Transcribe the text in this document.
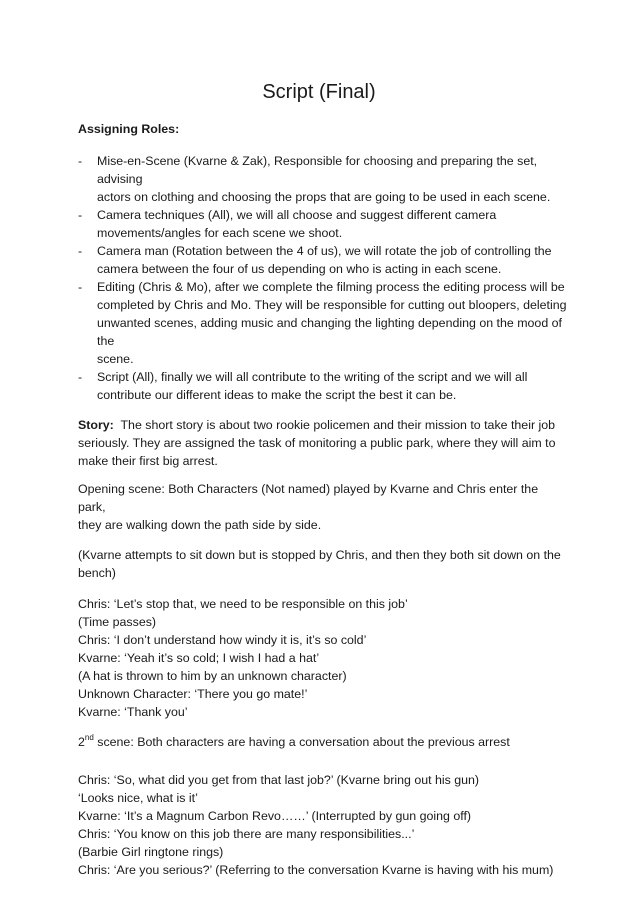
Script (Final)

Assigning Roles:

- Mise-en-Scene (Kvarne & Zak), Responsible for choosing and preparing the set, advising
actors on clothing and choosing the props that are going to be used in each scene.
- Camera techniques (All), we will all choose and suggest different camera
movements/angles for each scene we shoot.
- Camera man (Rotation between the 4 of us), we will rotate the job of controlling the
camera between the four of us depending on who is acting in each scene.
- Editing (Chris & Mo), after we complete the filming process the editing process will be
completed by Chris and Mo. They will be responsible for cutting out bloopers, deleting
unwanted scenes, adding music and changing the lighting depending on the mood of the
scene.
- Script (All), finally we will all contribute to the writing of the script and we will all
contribute our different ideas to make the script the best it can be.
Story: The short story is about two rookie policemen and their mission to take their job
seriously. They are assigned the task of monitoring a public park, where they will aim to
make their first big arrest.
Opening scene: Both Characters (Not named) played by Kvarne and Chris enter the park,
they are walking down the path side by side.
(Kvarne attempts to sit down but is stopped by Chris, and then they both sit down on the
bench)
Chris: ‘Let’s stop that, we need to be responsible on this job’
(Time passes)
Chris: ‘I don’t understand how windy it is, it’s so cold’
Kvarne: ‘Yeah it’s so cold; I wish I had a hat’
(A hat is thrown to him by an unknown character)
Unknown Character: ‘There you go mate!’
Kvarne: ‘Thank you’
2nd scene: Both characters are having a conversation about the previous arrest
Chris: ‘So, what did you get from that last job?’ (Kvarne bring out his gun)
‘Looks nice, what is it’
Kvarne: ‘It’s a Magnum Carbon Revo……’ (Interrupted by gun going off)
Chris: ‘You know on this job there are many responsibilities...’
(Barbie Girl ringtone rings)
Chris: ‘Are you serious?’ (Referring to the conversation Kvarne is having with his mum)
